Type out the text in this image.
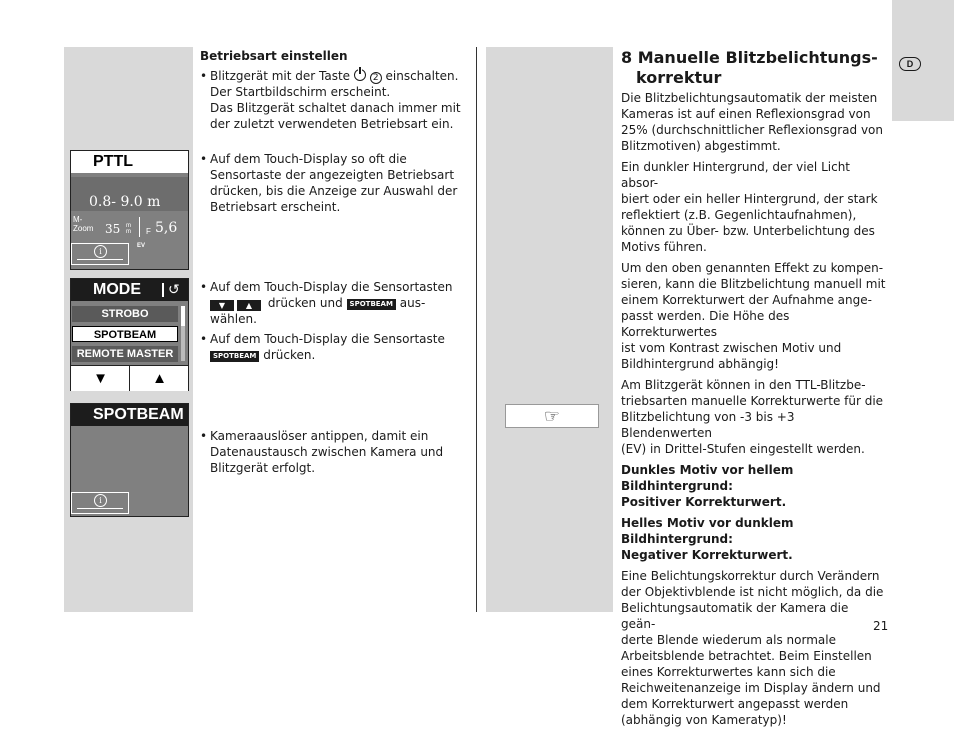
PTTL
0.8- 9.0 m
M-
Zoom 35 m
m F 5,6
i
EV
MODE	↺
STROBO
SPOTBEAM
REMOTE MASTER
▼	▲
SPOTBEAM
i
Betriebsart einstellen
• Blitzgerät mit der Taste  2 einschalten.
Der Startbildschirm erscheint.
Das Blitzgerät schaltet danach immer mit
der zuletzt verwendeten Betriebsart ein.
• Auf dem Touch-Display so oft die
Sensortaste der angezeigten Betriebsart
drücken, bis die Anzeige zur Auswahl der
Betriebsart erscheint.
• Auf dem Touch-Display die Sensortasten
▼	▲ drücken und SPOTBEAM aus-
wählen.
• Auf dem Touch-Display die Sensortaste
SPOTBEAM drücken.
• Kameraauslöser antippen, damit ein
Datenaustausch zwischen Kamera und
Blitzgerät erfolgt.
8 Manuelle Blitzbelichtungs-
korrektur
☞

Die Blitzbelichtungsautomatik der meisten
Kameras ist auf einen Reflexionsgrad von
25% (durchschnittlicher Reflexionsgrad von
Blitzmotiven) abgestimmt.

Ein dunkler Hintergrund, der viel Licht absor-
biert oder ein heller Hintergrund, der stark
reflektiert (z.B. Gegenlichtaufnahmen),
können zu Über- bzw. Unterbelichtung des
Motivs führen.

Um den oben genannten Effekt zu kompen-
sieren, kann die Blitzbelichtung manuell mit
einem Korrekturwert der Aufnahme ange-
passt werden. Die Höhe des Korrekturwertes
ist vom Kontrast zwischen Motiv und
Bildhintergrund abhängig!

Am Blitzgerät können in den TTL-Blitzbe-
triebsarten manuelle Korrekturwerte für die
Blitzbelichtung von -3 bis +3 Blendenwerten
(EV) in Drittel-Stufen eingestellt werden.

Dunkles Motiv vor hellem Bildhintergrund:
Positiver Korrekturwert.

Helles Motiv vor dunklem Bildhintergrund:
Negativer Korrekturwert.

Eine Belichtungskorrektur durch Verändern
der Objektivblende ist nicht möglich, da die
Belichtungsautomatik der Kamera die geän-
derte Blende wiederum als normale
Arbeitsblende betrachtet. Beim Einstellen
eines Korrekturwertes kann sich die
Reichweitenanzeige im Display ändern und
dem Korrekturwert angepasst werden
(abhängig von Kameratyp)!

D
21
